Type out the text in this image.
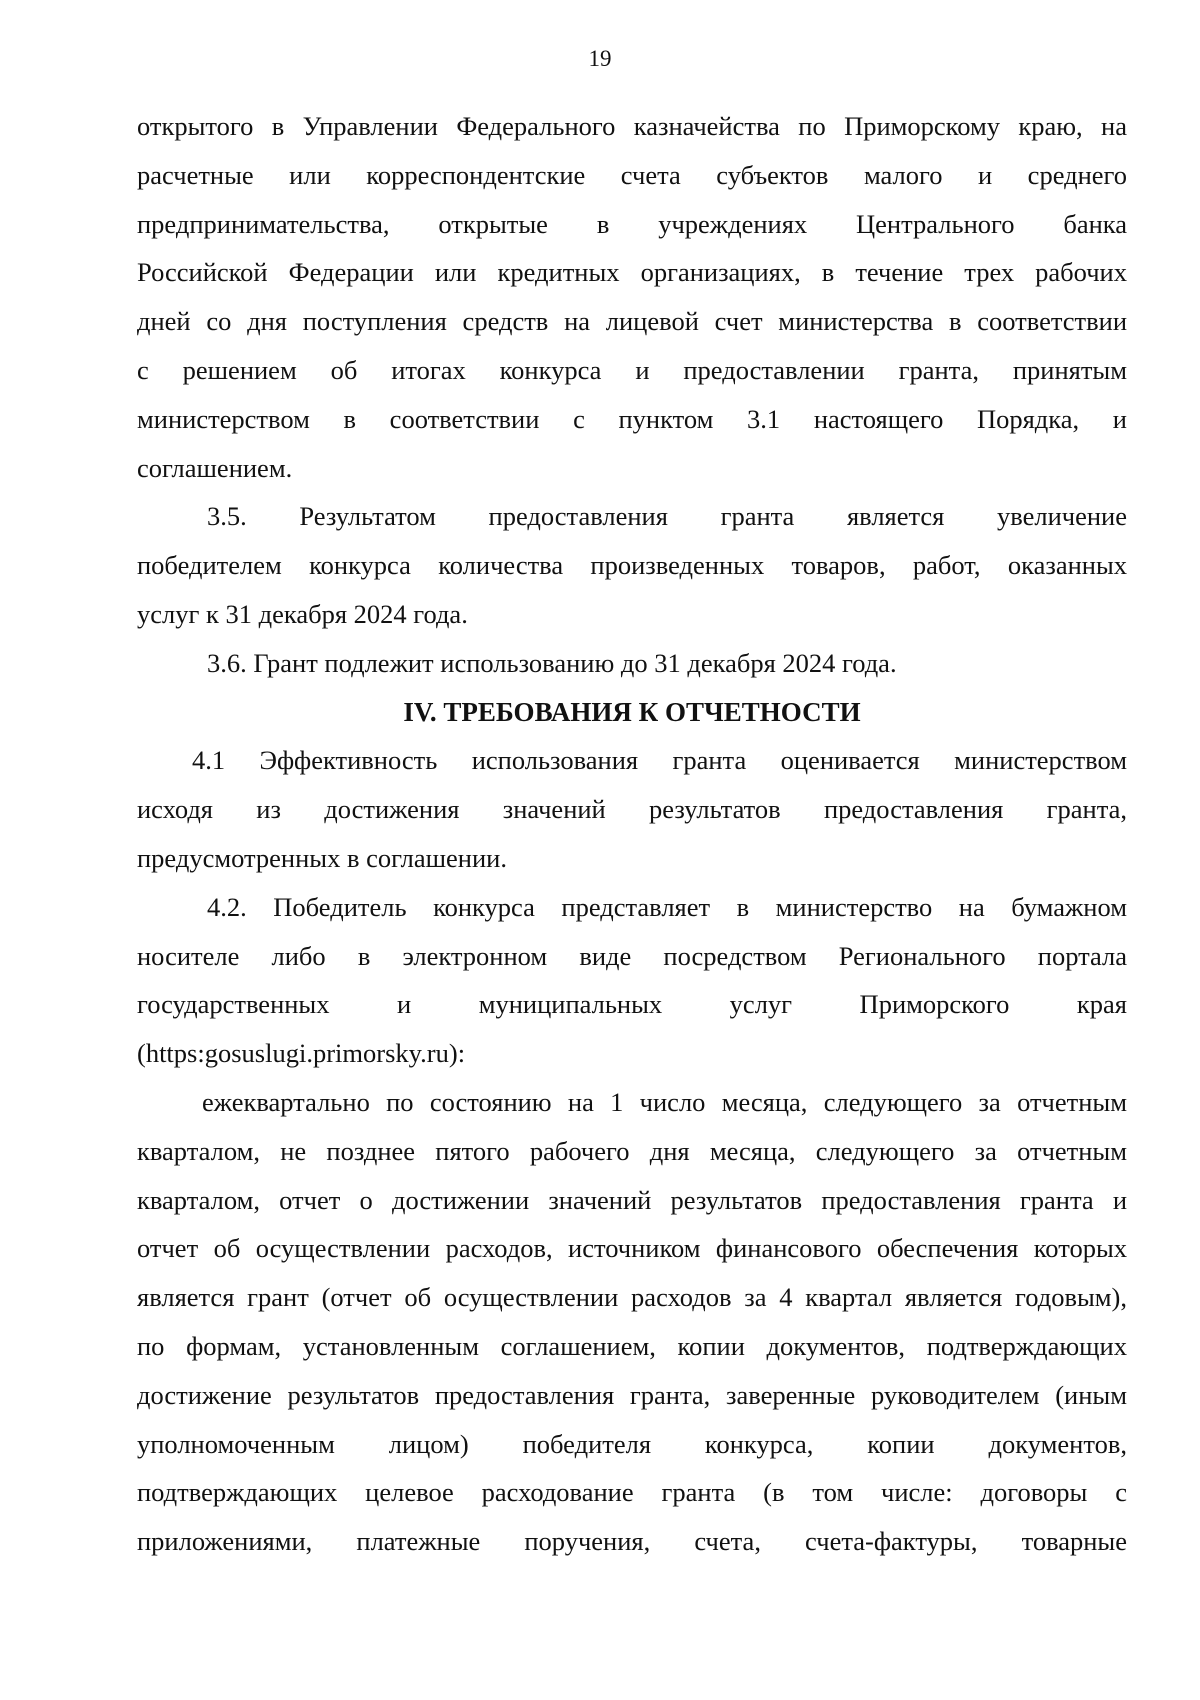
19
открытого в Управлении Федерального казначейства по Приморскому краю, на
расчетные или корреспондентские счета субъектов малого и среднего
предпринимательства, открытые в учреждениях Центрального банка
Российской Федерации или кредитных организациях, в течение трех рабочих
дней со дня поступления средств на лицевой счет министерства в соответствии
с решением об итогах конкурса и предоставлении гранта, принятым
министерством в соответствии с пунктом 3.1 настоящего Порядка, и
соглашением.
3.5. Результатом предоставления гранта является увеличение
победителем конкурса количества произведенных товаров, работ, оказанных
услуг к 31 декабря 2024 года.
3.6. Грант подлежит использованию до 31 декабря 2024 года.
IV. ТРЕБОВАНИЯ К ОТЧЕТНОСТИ
4.1 Эффективность использования гранта оценивается министерством
исходя из достижения значений результатов предоставления гранта,
предусмотренных в соглашении.
4.2. Победитель конкурса представляет в министерство на бумажном
носителе либо в электронном виде посредством Регионального портала
государственных и муниципальных услуг Приморского края
(https:gosuslugi.primorsky.ru):
ежеквартально по состоянию на 1 число месяца, следующего за отчетным
кварталом, не позднее пятого рабочего дня месяца, следующего за отчетным
кварталом, отчет о достижении значений результатов предоставления гранта и
отчет об осуществлении расходов, источником финансового обеспечения которых
является грант (отчет об осуществлении расходов за 4 квартал является годовым),
по формам, установленным соглашением, копии документов, подтверждающих
достижение результатов предоставления гранта, заверенные руководителем (иным
уполномоченным лицом) победителя конкурса, копии документов,
подтверждающих целевое расходование гранта (в том числе: договоры с
приложениями, платежные поручения, счета, счета-фактуры, товарные
